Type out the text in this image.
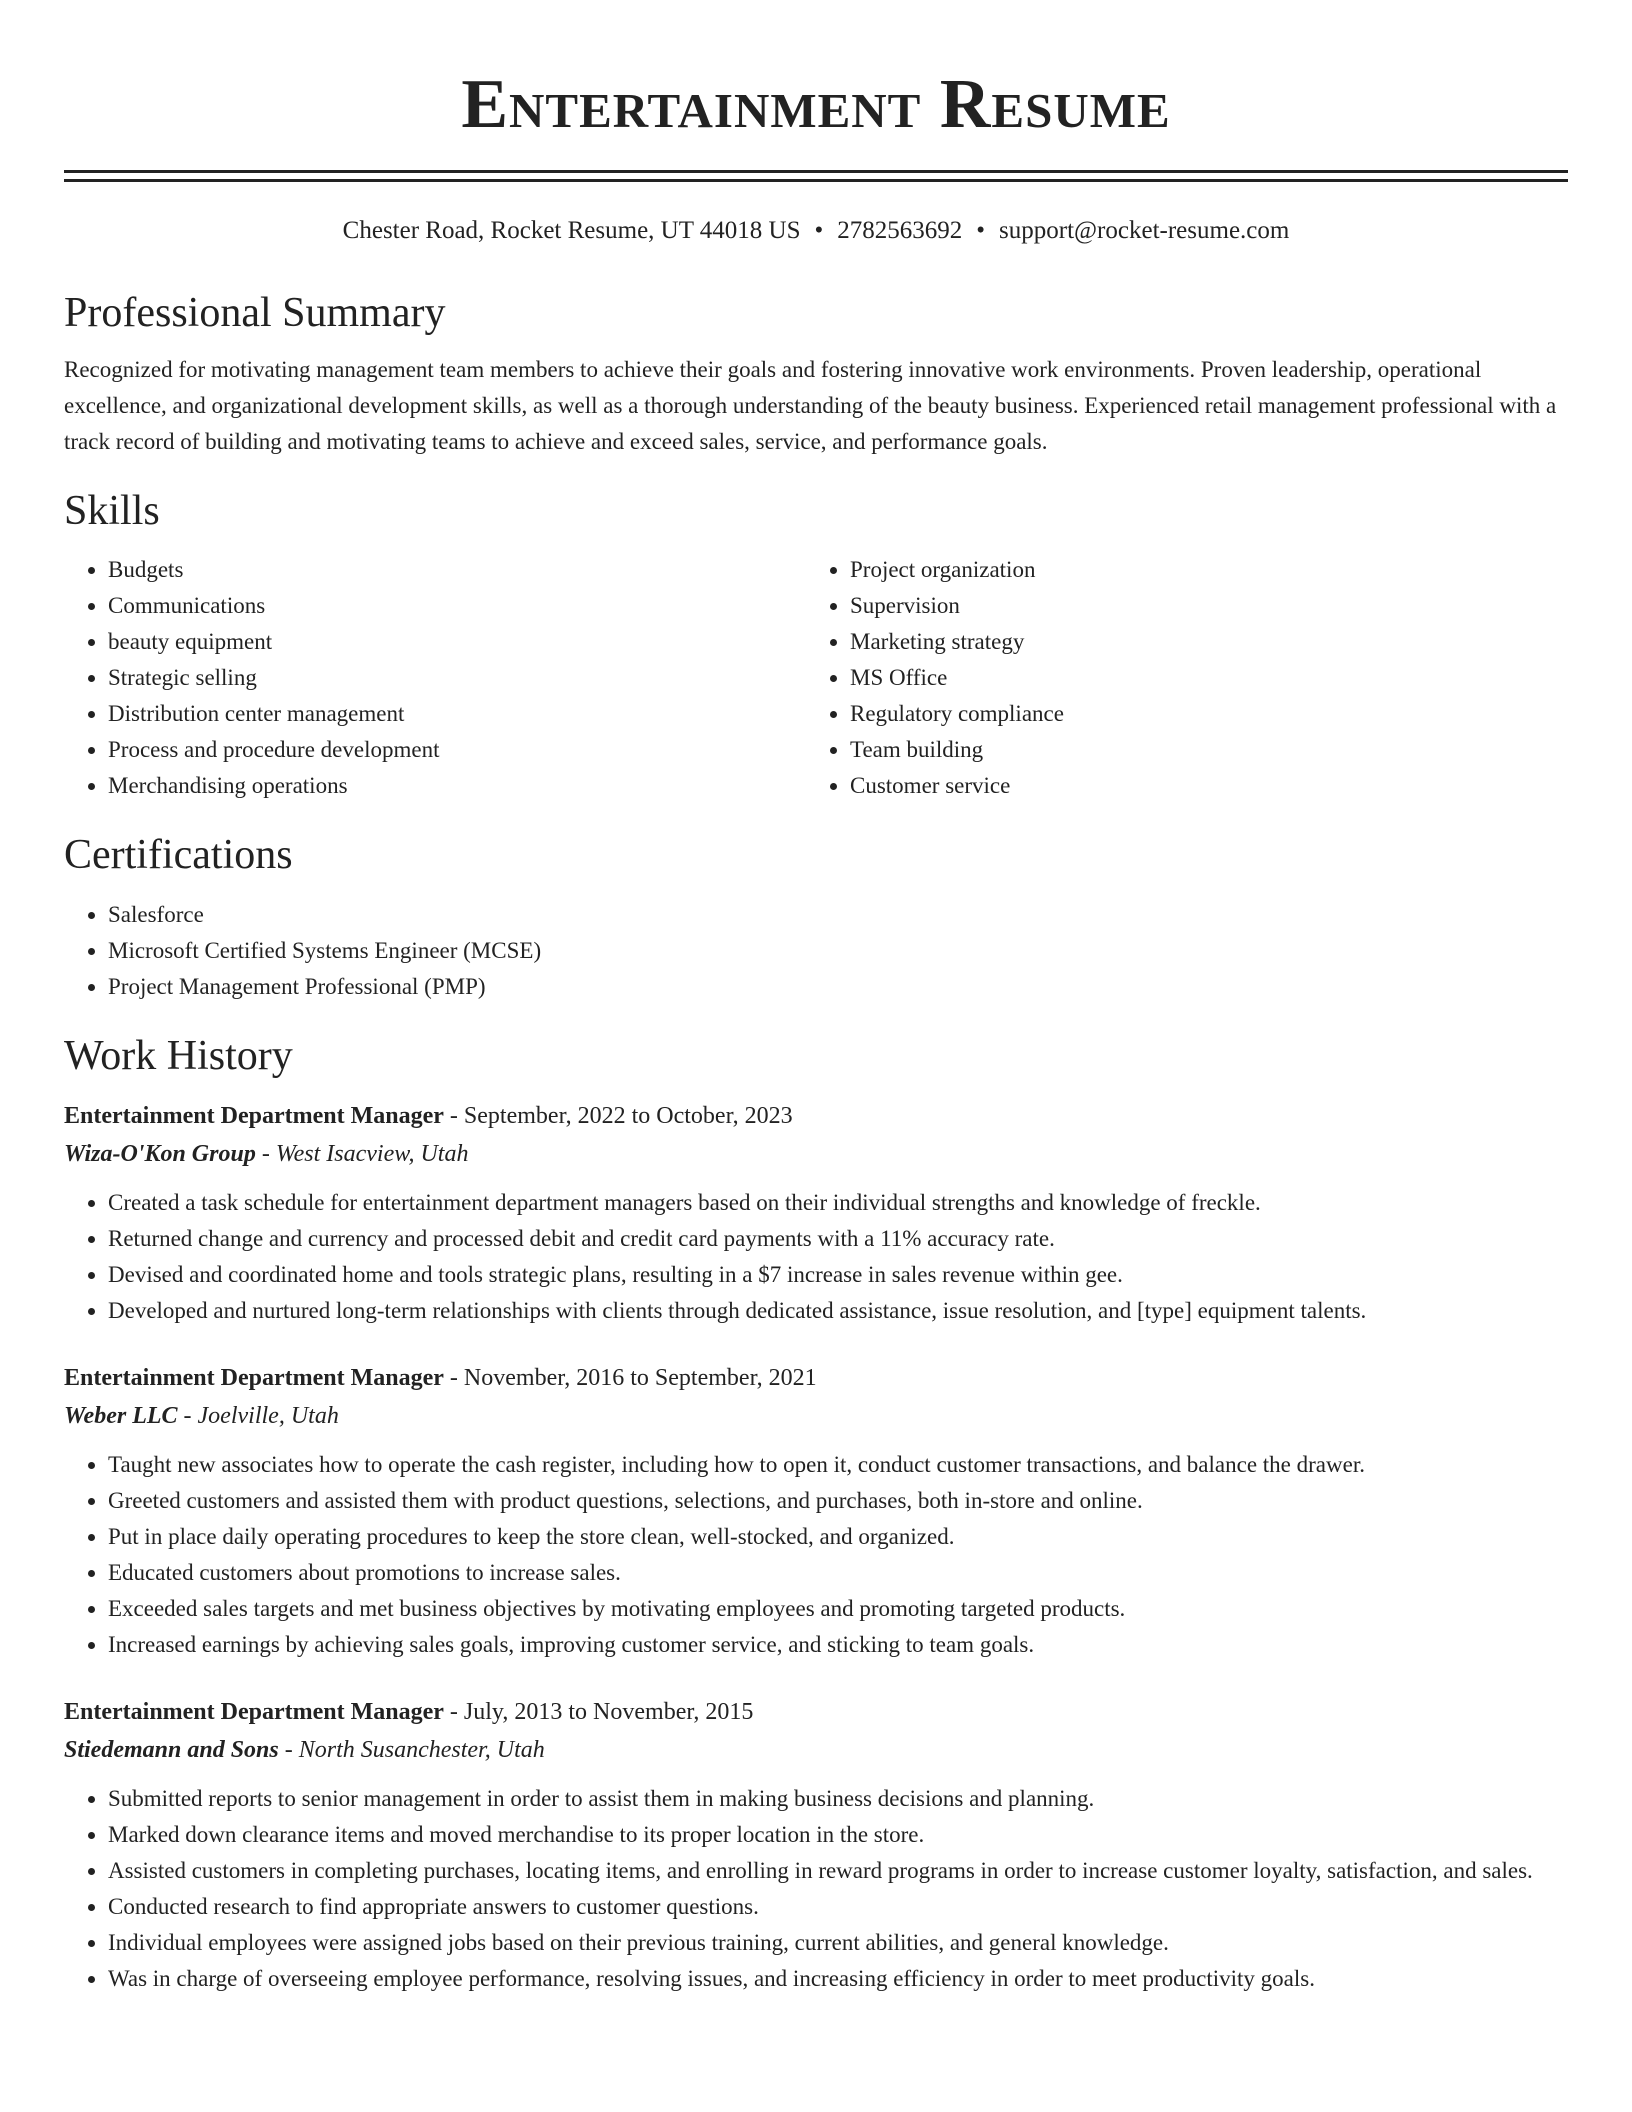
Entertainment Resume
Chester Road, Rocket Resume, UT 44018 US • 2782563692 • support@rocket-resume.com
Professional Summary

Recognized for motivating management team members to achieve their goals and fostering innovative work environments. Proven leadership, operational excellence, and organizational development skills, as well as a thorough understanding of the beauty business. Experienced retail management professional with a track record of building and motivating teams to achieve and exceed sales, service, and performance goals.

Skills
• Budgets
• Communications
• beauty equipment
• Strategic selling
• Distribution center management
• Process and procedure development
• Merchandising operations
• Project organization
• Supervision
• Marketing strategy
• MS Office
• Regulatory compliance
• Team building
• Customer service
Certifications
• Salesforce
• Microsoft Certified Systems Engineer (MCSE)
• Project Management Professional (PMP)
Work History
Entertainment Department Manager - September, 2022 to October, 2023
Wiza-O'Kon Group - West Isacview, Utah
• Created a task schedule for entertainment department managers based on their individual strengths and knowledge of freckle.
• Returned change and currency and processed debit and credit card payments with a 11% accuracy rate.
• Devised and coordinated home and tools strategic plans, resulting in a $7 increase in sales revenue within gee.
• Developed and nurtured long-term relationships with clients through dedicated assistance, issue resolution, and [type] equipment talents.
Entertainment Department Manager - November, 2016 to September, 2021
Weber LLC - Joelville, Utah
• Taught new associates how to operate the cash register, including how to open it, conduct customer transactions, and balance the drawer.
• Greeted customers and assisted them with product questions, selections, and purchases, both in-store and online.
• Put in place daily operating procedures to keep the store clean, well-stocked, and organized.
• Educated customers about promotions to increase sales.
• Exceeded sales targets and met business objectives by motivating employees and promoting targeted products.
• Increased earnings by achieving sales goals, improving customer service, and sticking to team goals.
Entertainment Department Manager - July, 2013 to November, 2015
Stiedemann and Sons - North Susanchester, Utah
• Submitted reports to senior management in order to assist them in making business decisions and planning.
• Marked down clearance items and moved merchandise to its proper location in the store.
• Assisted customers in completing purchases, locating items, and enrolling in reward programs in order to increase customer loyalty, satisfaction, and sales.
• Conducted research to find appropriate answers to customer questions.
• Individual employees were assigned jobs based on their previous training, current abilities, and general knowledge.
• Was in charge of overseeing employee performance, resolving issues, and increasing efficiency in order to meet productivity goals.
